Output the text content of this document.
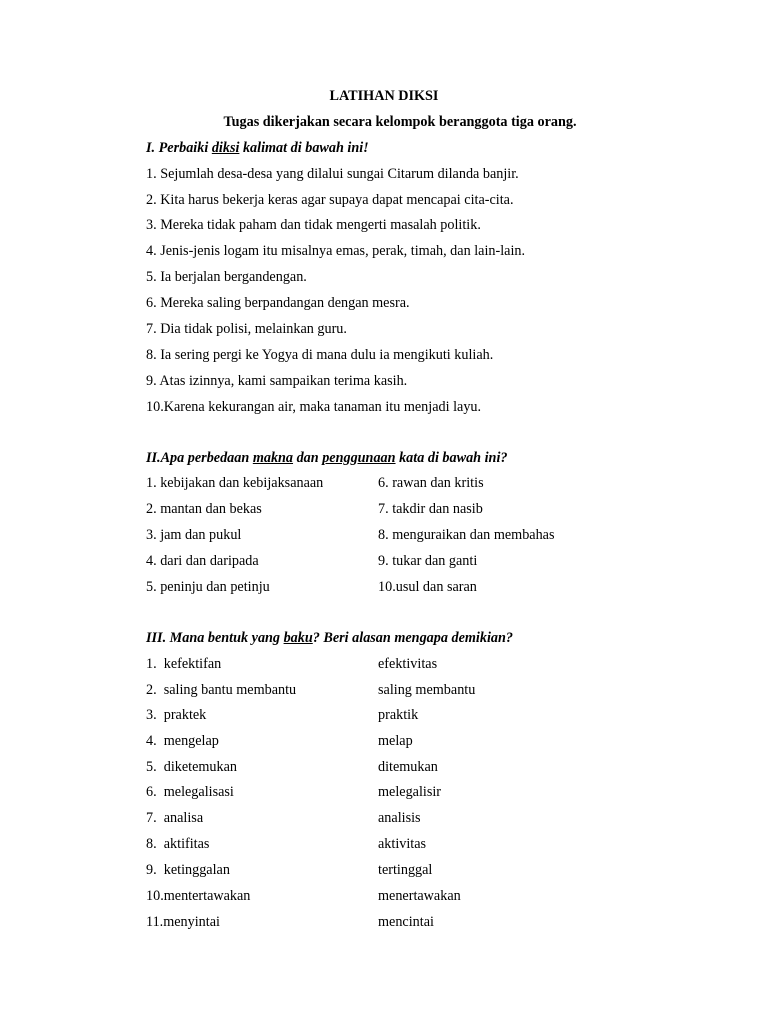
LATIHAN DIKSI
Tugas dikerjakan secara kelompok beranggota tiga orang.
I. Perbaiki diksi kalimat di bawah ini!
1. Sejumlah desa-desa yang dilalui sungai Citarum dilanda banjir.
2. Kita harus bekerja keras agar supaya dapat mencapai cita-cita.
3. Mereka tidak paham dan tidak mengerti masalah politik.
4. Jenis-jenis logam itu misalnya emas, perak, timah, dan lain-lain.
5. Ia berjalan bergandengan.
6. Mereka saling berpandangan dengan mesra.
7. Dia tidak polisi, melainkan guru.
8. Ia sering pergi ke Yogya di mana dulu ia mengikuti kuliah.
9. Atas izinnya, kami sampaikan terima kasih.
10.Karena kekurangan air, maka tanaman itu menjadi layu.
II.Apa perbedaan makna dan penggunaan kata di bawah ini?
1. kebijakan dan kebijaksanaan	6. rawan dan kritis
2. mantan dan bekas	7. takdir dan nasib
3. jam dan pukul	8. menguraikan dan membahas
4. dari dan daripada	9. tukar dan ganti
5. peninju dan petinju	10.usul dan saran
III. Mana bentuk yang baku? Beri alasan mengapa demikian?
1.  kefektifan	efektivitas
2.  saling bantu membantu	saling membantu
3.  praktek	praktik
4.  mengelap	melap
5.  diketemukan	ditemukan
6.  melegalisasi	melegalisir
7.  analisa	analisis
8.  aktifitas	aktivitas
9.  ketinggalan	tertinggal
10.mentertawakan	menertawakan
11.menyintai	mencintai
